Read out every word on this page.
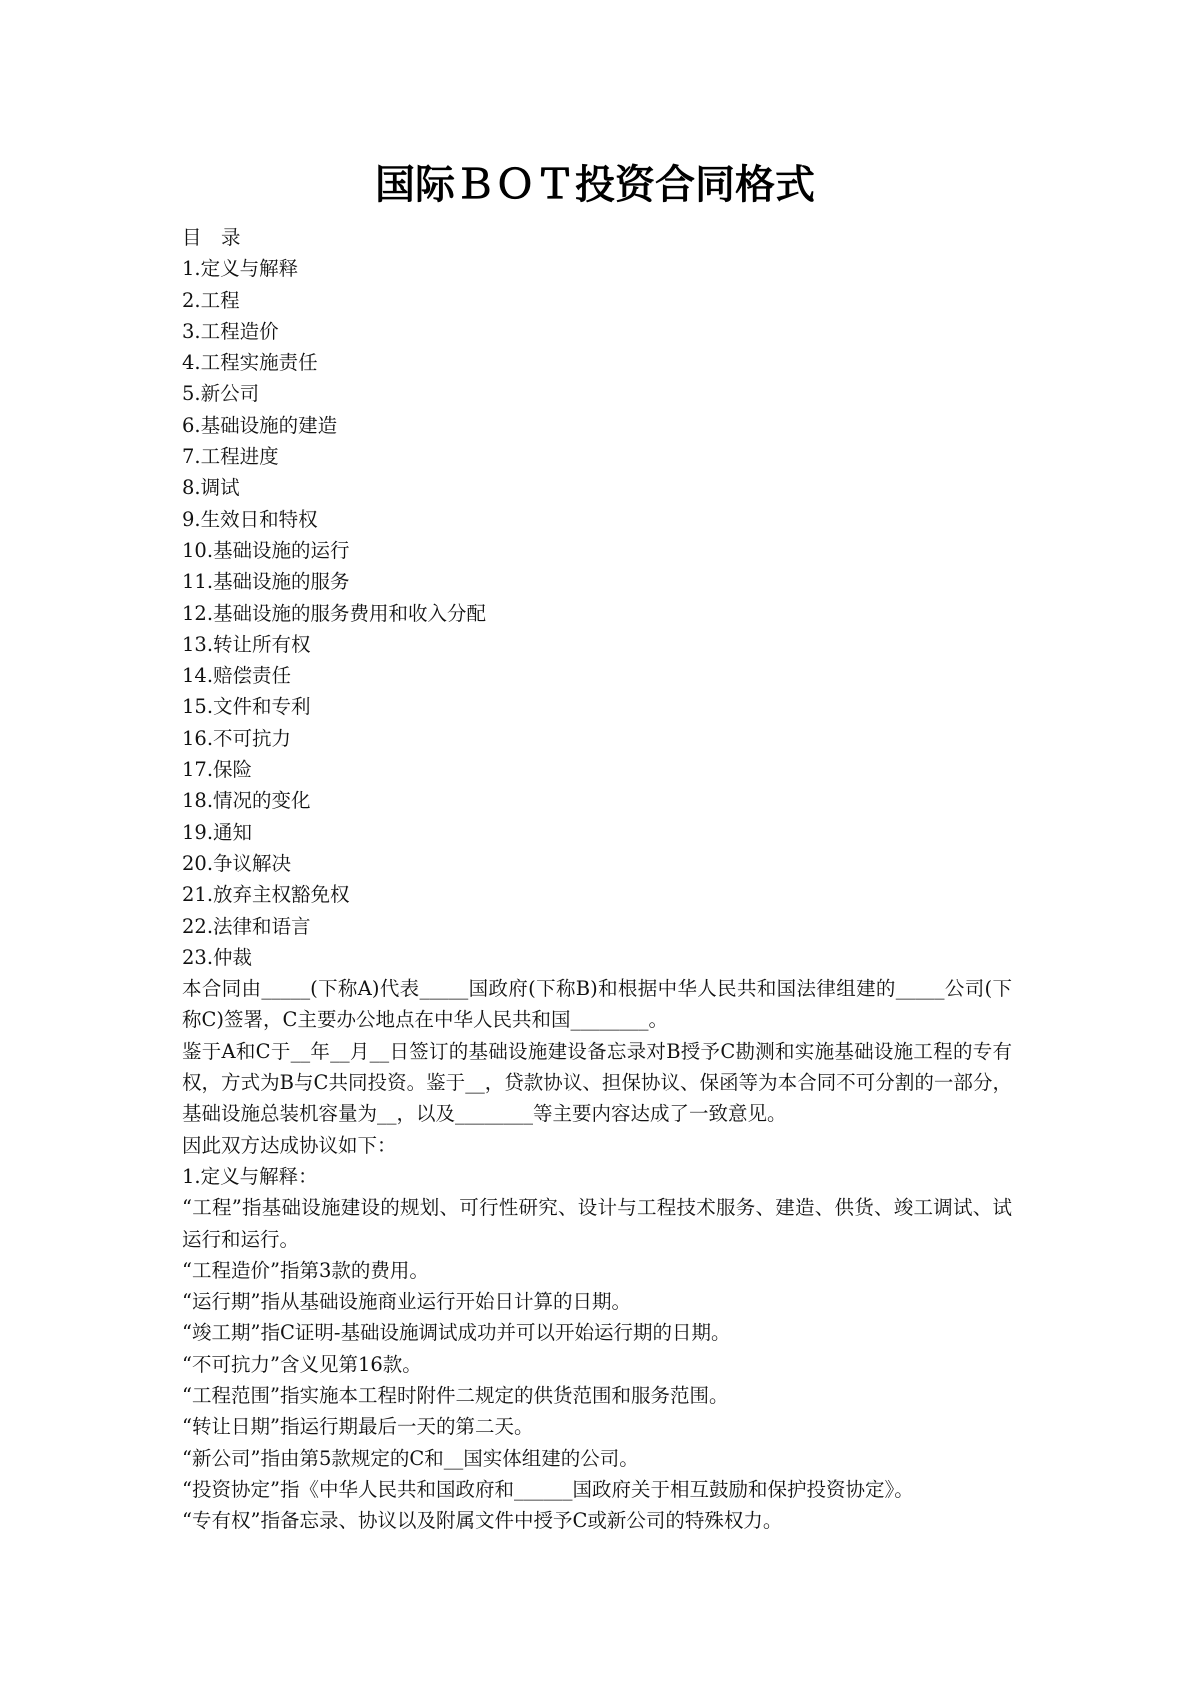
国际ＢＯＴ投资合同格式
目　录
1.定义与解释
2.工程
3.工程造价
4.工程实施责任
5.新公司
6.基础设施的建造
7.工程进度
8.调试
9.生效日和特权
10.基础设施的运行
11.基础设施的服务
12.基础设施的服务费用和收入分配
13.转让所有权
14.赔偿责任
15.文件和专利
16.不可抗力
17.保险
18.情况的变化
19.通知
20.争议解决
21.放弃主权豁免权
22.法律和语言
23.仲裁

本合同由_____(下称A)代表_____国政府(下称B)和根据中华人民共和国法律组建的_____公司(下称C)签署，C主要办公地点在中华人民共和国________。

鉴于A和C于__年__月__日签订的基础设施建设备忘录对B授予C勘测和实施基础设施工程的专有权，方式为B与C共同投资。鉴于__，贷款协议、担保协议、保函等为本合同不可分割的一部分，基础设施总装机容量为__，以及________等主要内容达成了一致意见。

因此双方达成协议如下：

1.定义与解释：

“工程”指基础设施建设的规划、可行性研究、设计与工程技术服务、建造、供货、竣工调试、试运行和运行。

“工程造价”指第3款的费用。

“运行期”指从基础设施商业运行开始日计算的日期。

“竣工期”指C证明-基础设施调试成功并可以开始运行期的日期。

“不可抗力”含义见第16款。

“工程范围”指实施本工程时附件二规定的供货范围和服务范围。

“转让日期”指运行期最后一天的第二天。

“新公司”指由第5款规定的C和__国实体组建的公司。

“投资协定”指《中华人民共和国政府和______国政府关于相互鼓励和保护投资协定》。

“专有权”指备忘录、协议以及附属文件中授予C或新公司的特殊权力。
